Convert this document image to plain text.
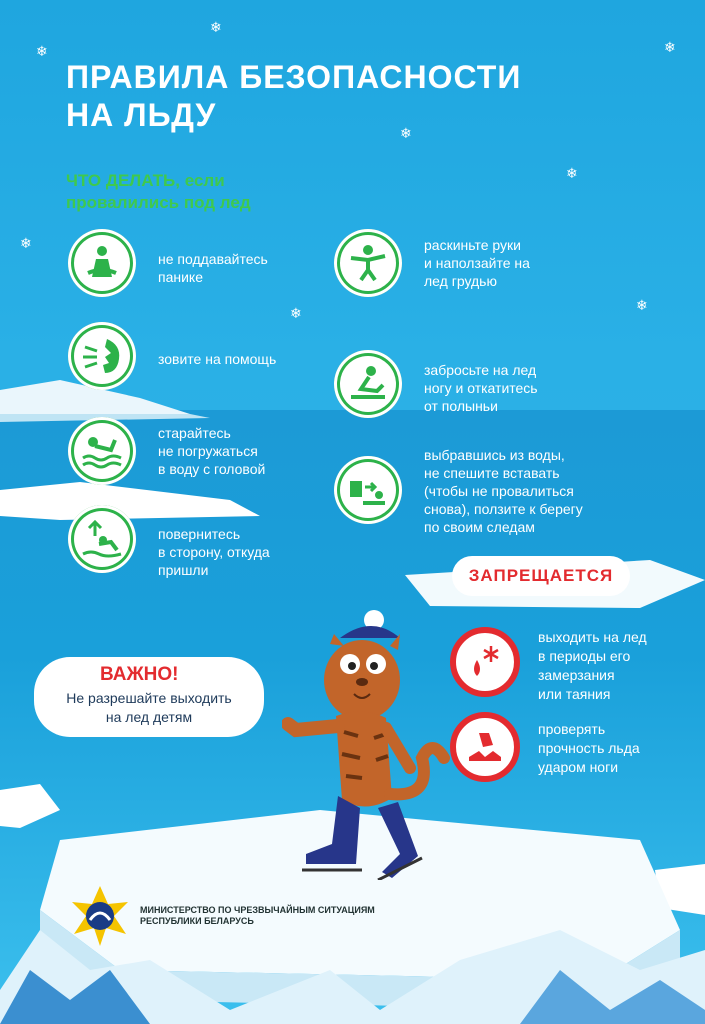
❄
❄	❄
❄
❄
❄
❄	❄
ПРАВИЛА БЕЗОПАСНОСТИ
НА ЛЬДУ
ЧТО ДЕЛАТЬ, если
провалились под лед
не поддавайтесь
панике
зовите на помощь
старайтесь
не погружаться
в воду с головой
повернитесь
в сторону, откуда
пришли
раскиньте руки
и наползайте на
лед грудью
забросьте на лед
ногу и откатитесь
от полыньи
выбравшись из воды,
не спешите вставать
(чтобы не провалиться
снова), ползите к берегу
по своим следам
ЗАПРЕЩАЕТСЯ
выходить на лед
в периоды его
замерзания
или таяния
проверять
прочность льда
ударом ноги
ВАЖНО!
Не разрешайте выходить
на лед детям
МИНИСТЕРСТВО ПО ЧРЕЗВЫЧАЙНЫМ СИТУАЦИЯМ
РЕСПУБЛИКИ БЕЛАРУСЬ
